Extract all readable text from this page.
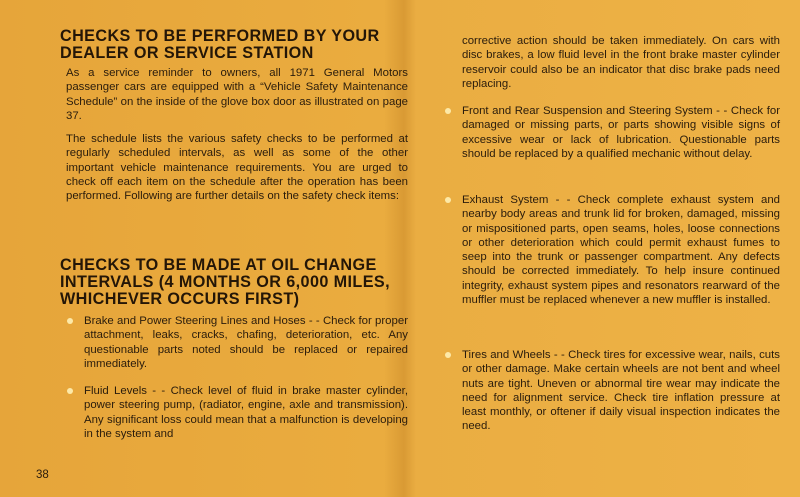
CHECKS TO BE PERFORMED BY YOUR DEALER OR SERVICE STATION

As a service reminder to owners, all 1971 General Motors passenger cars are equipped with a “Vehicle Safety Maintenance Schedule” on the inside of the glove box door as illustrated on page 37.

The schedule lists the various safety checks to be performed at regularly scheduled intervals, as well as some of the other important vehicle maintenance requirements. You are urged to check off each item on the schedule after the operation has been performed. Following are further details on the safety check items:

CHECKS TO BE MADE AT OIL CHANGE INTERVALS (4 MONTHS OR 6,000 MILES, WHICHEVER OCCURS FIRST)

Brake and Power Steering Lines and Hoses - - Check for proper attachment, leaks, cracks, chafing, deterioration, etc. Any questionable parts noted should be replaced or repaired immediately.

Fluid Levels - - Check level of fluid in brake master cylinder, power steering pump, (radiator, engine, axle and transmission). Any significant loss could mean that a malfunction is developing in the system and

corrective action should be taken immediately. On cars with disc brakes, a low fluid level in the front brake master cylinder reservoir could also be an indicator that disc brake pads need replacing.

Front and Rear Suspension and Steering System - - Check for damaged or missing parts, or parts showing visible signs of excessive wear or lack of lubrication. Questionable parts should be replaced by a qualified mechanic without delay.

Exhaust System - - Check complete exhaust system and nearby body areas and trunk lid for broken, damaged, missing or mispositioned parts, open seams, holes, loose connections or other deterioration which could permit exhaust fumes to seep into the trunk or passenger compartment. Any defects should be corrected immediately. To help insure continued integrity, exhaust system pipes and resonators rearward of the muffler must be replaced whenever a new muffler is installed.

Tires and Wheels - - Check tires for excessive wear, nails, cuts or other damage. Make certain wheels are not bent and wheel nuts are tight. Uneven or abnormal tire wear may indicate the need for alignment service. Check tire inflation pressure at least monthly, or oftener if daily visual inspection indicates the need.

38
